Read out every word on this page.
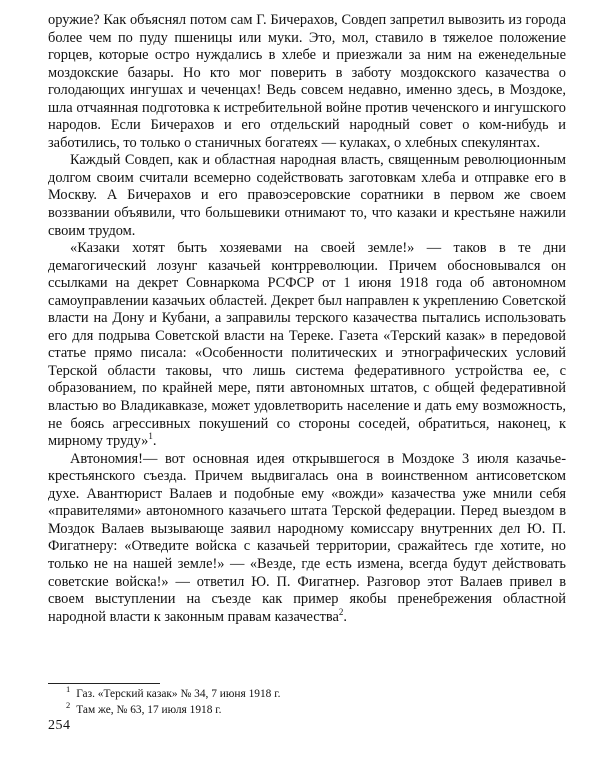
оружие? Как объяснял потом сам Г. Бичерахов, Совдеп запретил вывозить из города более чем по пуду пшеницы или муки. Это, мол, ставило в тяжелое положение горцев, которые остро нуждались в хлебе и приезжали за ним на еженедельные моздокские базары. Но кто мог поверить в заботу моздокского казачества о голодающих ингушах и чеченцах! Ведь совсем недавно, именно здесь, в Моздоке, шла отчаянная подготовка к истребительной войне против чеченского и ингушского народов. Если Бичерахов и его отдельский народный совет о ком-нибудь и заботились, то только о станичных богатеях — кулаках, о хлебных спекулянтах.

Каждый Совдеп, как и областная народная власть, священным революционным долгом своим считали всемерно содействовать заготовкам хлеба и отправке его в Москву. А Бичерахов и его правоэсеровские соратники в первом же своем воззвании объявили, что большевики отнимают то, что казаки и крестьяне нажили своим трудом.

«Казаки хотят быть хозяевами на своей земле!» — таков в те дни демагогический лозунг казачьей контрреволюции. Причем обосновывался он ссылками на декрет Совнаркома РСФСР от 1 июня 1918 года об автономном самоуправлении казачьих областей. Декрет был направлен к укреплению Советской власти на Дону и Кубани, а заправилы терского казачества пытались использовать его для подрыва Советской власти на Тереке. Газета «Терский казак» в передовой статье прямо писала: «Особенности политических и этнографических условий Терской области таковы, что лишь система федеративного устройства ее, с образованием, по крайней мере, пяти автономных штатов, с общей федеративной властью во Владикавказе, может удовлетворить население и дать ему возможность, не боясь агрессивных покушений со стороны соседей, обратиться, наконец, к мирному труду»$^1$.

Автономия!— вот основная идея открывшегося в Моздоке 3 июля казачье-крестьянского съезда. Причем выдвигалась она в воинственном антисоветском духе. Авантюрист Валаев и подобные ему «вожди» казачества уже мнили себя «правителями» автономного казачьего штата Терской федерации. Перед выездом в Моздок Валаев вызывающе заявил народному комиссару внутренних дел Ю. П. Фигатнеру: «Отведите войска с казачьей территории, сражайтесь где хотите, но только не на нашей земле!» — «Везде, где есть измена, всегда будут действовать советские войска!» — ответил Ю. П. Фигатнер. Разговор этот Валаев привел в своем выступлении на съезде как пример якобы пренебрежения областной народной власти к законным правам казачества$^2$.

$^1$ Газ. «Терский казак» № 34, 7 июня 1918 г.

$^2$ Там же, № 63, 17 июля 1918 г.

254
